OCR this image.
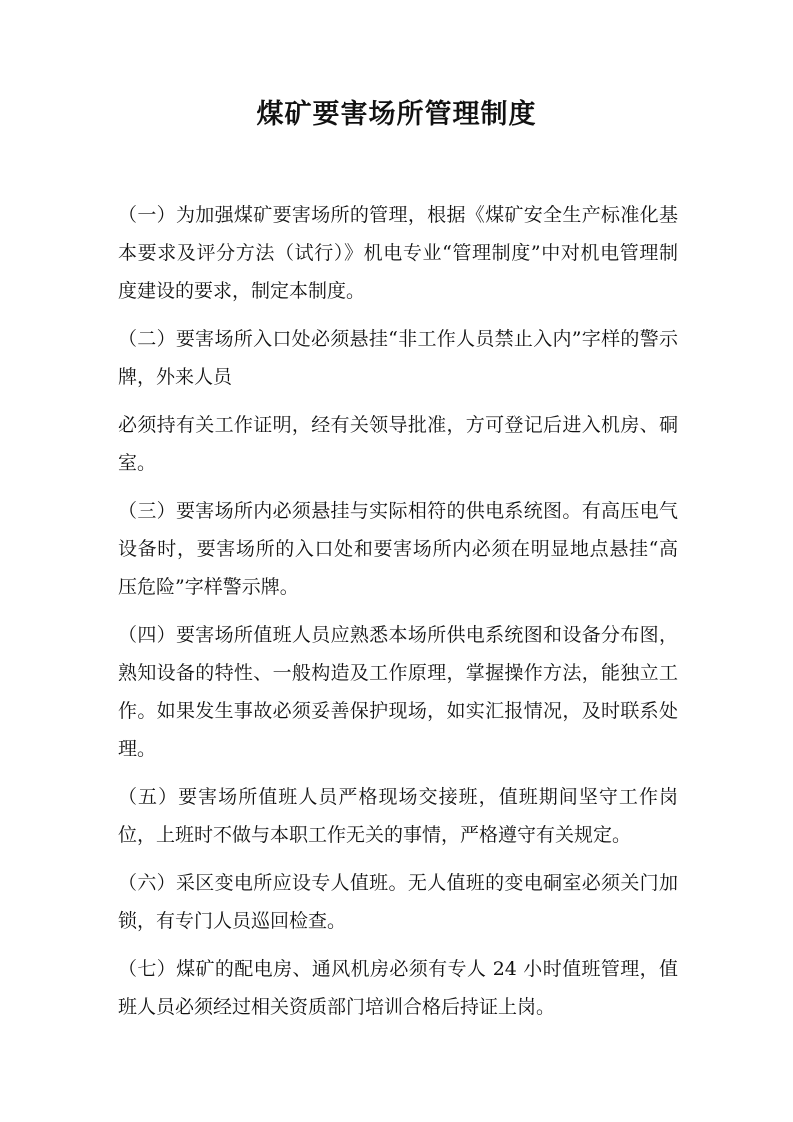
煤矿要害场所管理制度

（一）为加强煤矿要害场所的管理，根据《煤矿安全生产标准化基本要求及评分方法（试行）》机电专业“管理制度”中对机电管理制度建设的要求，制定本制度。

（二）要害场所入口处必须悬挂“非工作人员禁止入内”字样的警示牌，外来人员

必须持有关工作证明，经有关领导批准，方可登记后进入机房、硐室。

（三）要害场所内必须悬挂与实际相符的供电系统图。有高压电气设备时，要害场所的入口处和要害场所内必须在明显地点悬挂“高压危险”字样警示牌。

（四）要害场所值班人员应熟悉本场所供电系统图和设备分布图，熟知设备的特性、一般构造及工作原理，掌握操作方法，能独立工作。如果发生事故必须妥善保护现场，如实汇报情况，及时联系处理。

（五）要害场所值班人员严格现场交接班，值班期间坚守工作岗位，上班时不做与本职工作无关的事情，严格遵守有关规定。

（六）采区变电所应设专人值班。无人值班的变电硐室必须关门加锁，有专门人员巡回检查。

（七）煤矿的配电房、通风机房必须有专人 24 小时值班管理，值班人员必须经过相关资质部门培训合格后持证上岗。
